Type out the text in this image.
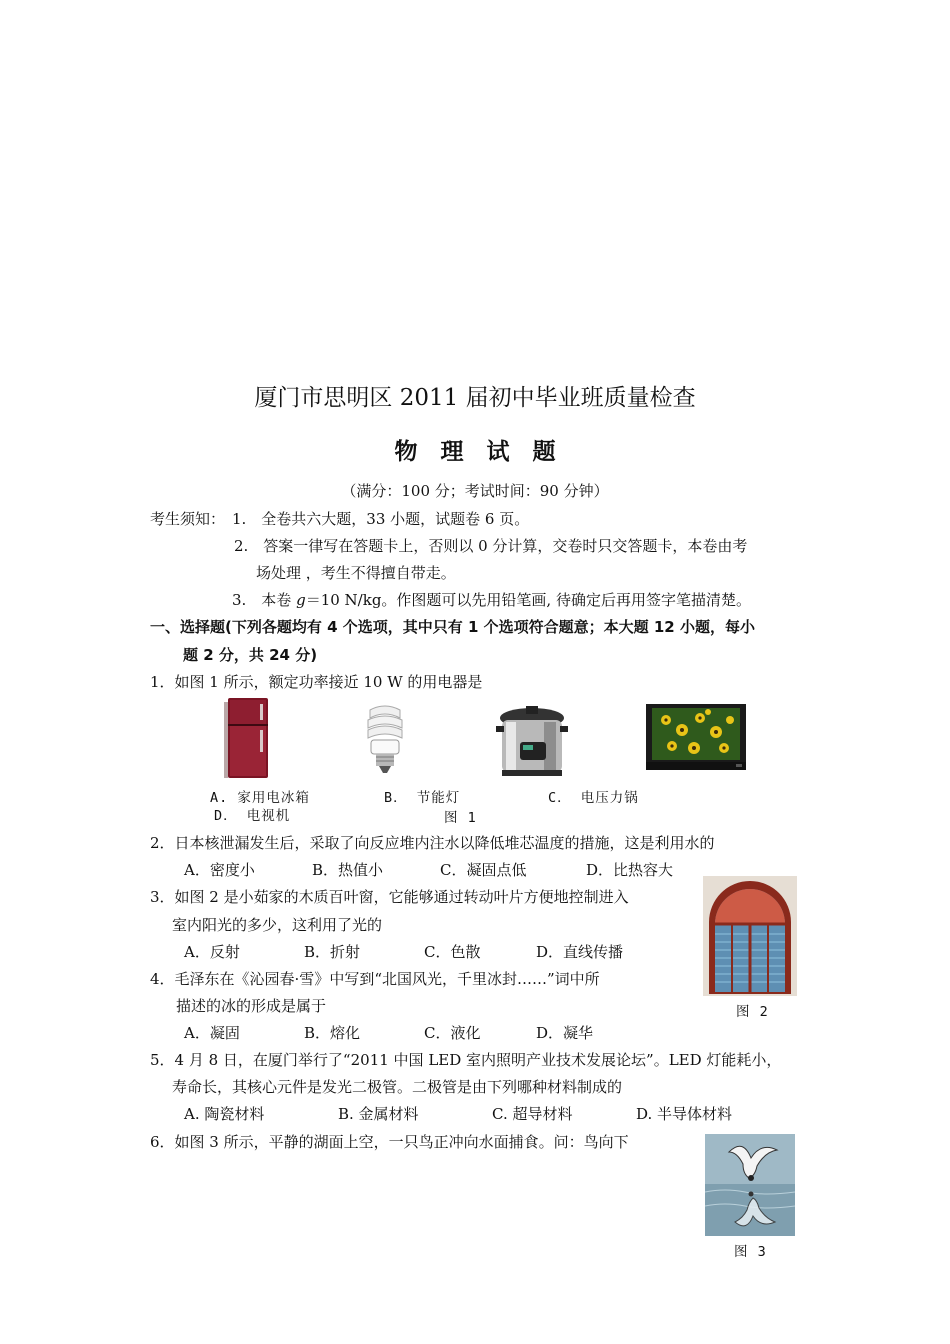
厦门市思明区 2011 届初中毕业班质量检查
物　理　试　题
（满分：100 分；考试时间：90 分钟）
考生须知： 1.　全卷共六大题，33 小题，试题卷 6 页。
2.　答案一律写在答题卡上，否则以 0 分计算，交卷时只交答题卡，本卷由考
场处理 ，考生不得擅自带走。
3.　本卷 g＝10 N/kg。作图题可以先用铅笔画, 待确定后再用签字笔描清楚。
一、选择题(下列各题均有 4 个选项，其中只有 1 个选项符合题意；本大题 12 小题，每小
题 2 分，共 24 分)
1．如图 1 所示，额定功率接近 10 W 的用电器是
A. 家用电冰箱	B． 节能灯	C． 电压力锅
D． 电视机	图 1
2．日本核泄漏发生后，采取了向反应堆内注水以降低堆芯温度的措施，这是利用水的
A．密度小	B．热值小	C．凝固点低	D．比热容大
3．如图 2 是小茹家的木质百叶窗，它能够通过转动叶片方便地控制进入
室内阳光的多少，这利用了光的
A．反射	B．折射	C．色散	D．直线传播
图 2
4．毛泽东在《沁园春·雪》中写到“北国风光，千里冰封……”词中所
描述的冰的形成是属于
A．凝固	B．熔化	C．液化	D．凝华
5．4 月 8 日，在厦门举行了“2011 中国 LED 室内照明产业技术发展论坛”。LED 灯能耗小，
寿命长，其核心元件是发光二极管。二极管是由下列哪种材料制成的
A. 陶瓷材料	B. 金属材料	C. 超导材料	D. 半导体材料
6．如图 3 所示，平静的湖面上空，一只鸟正冲向水面捕食。问：鸟向下
图 3
